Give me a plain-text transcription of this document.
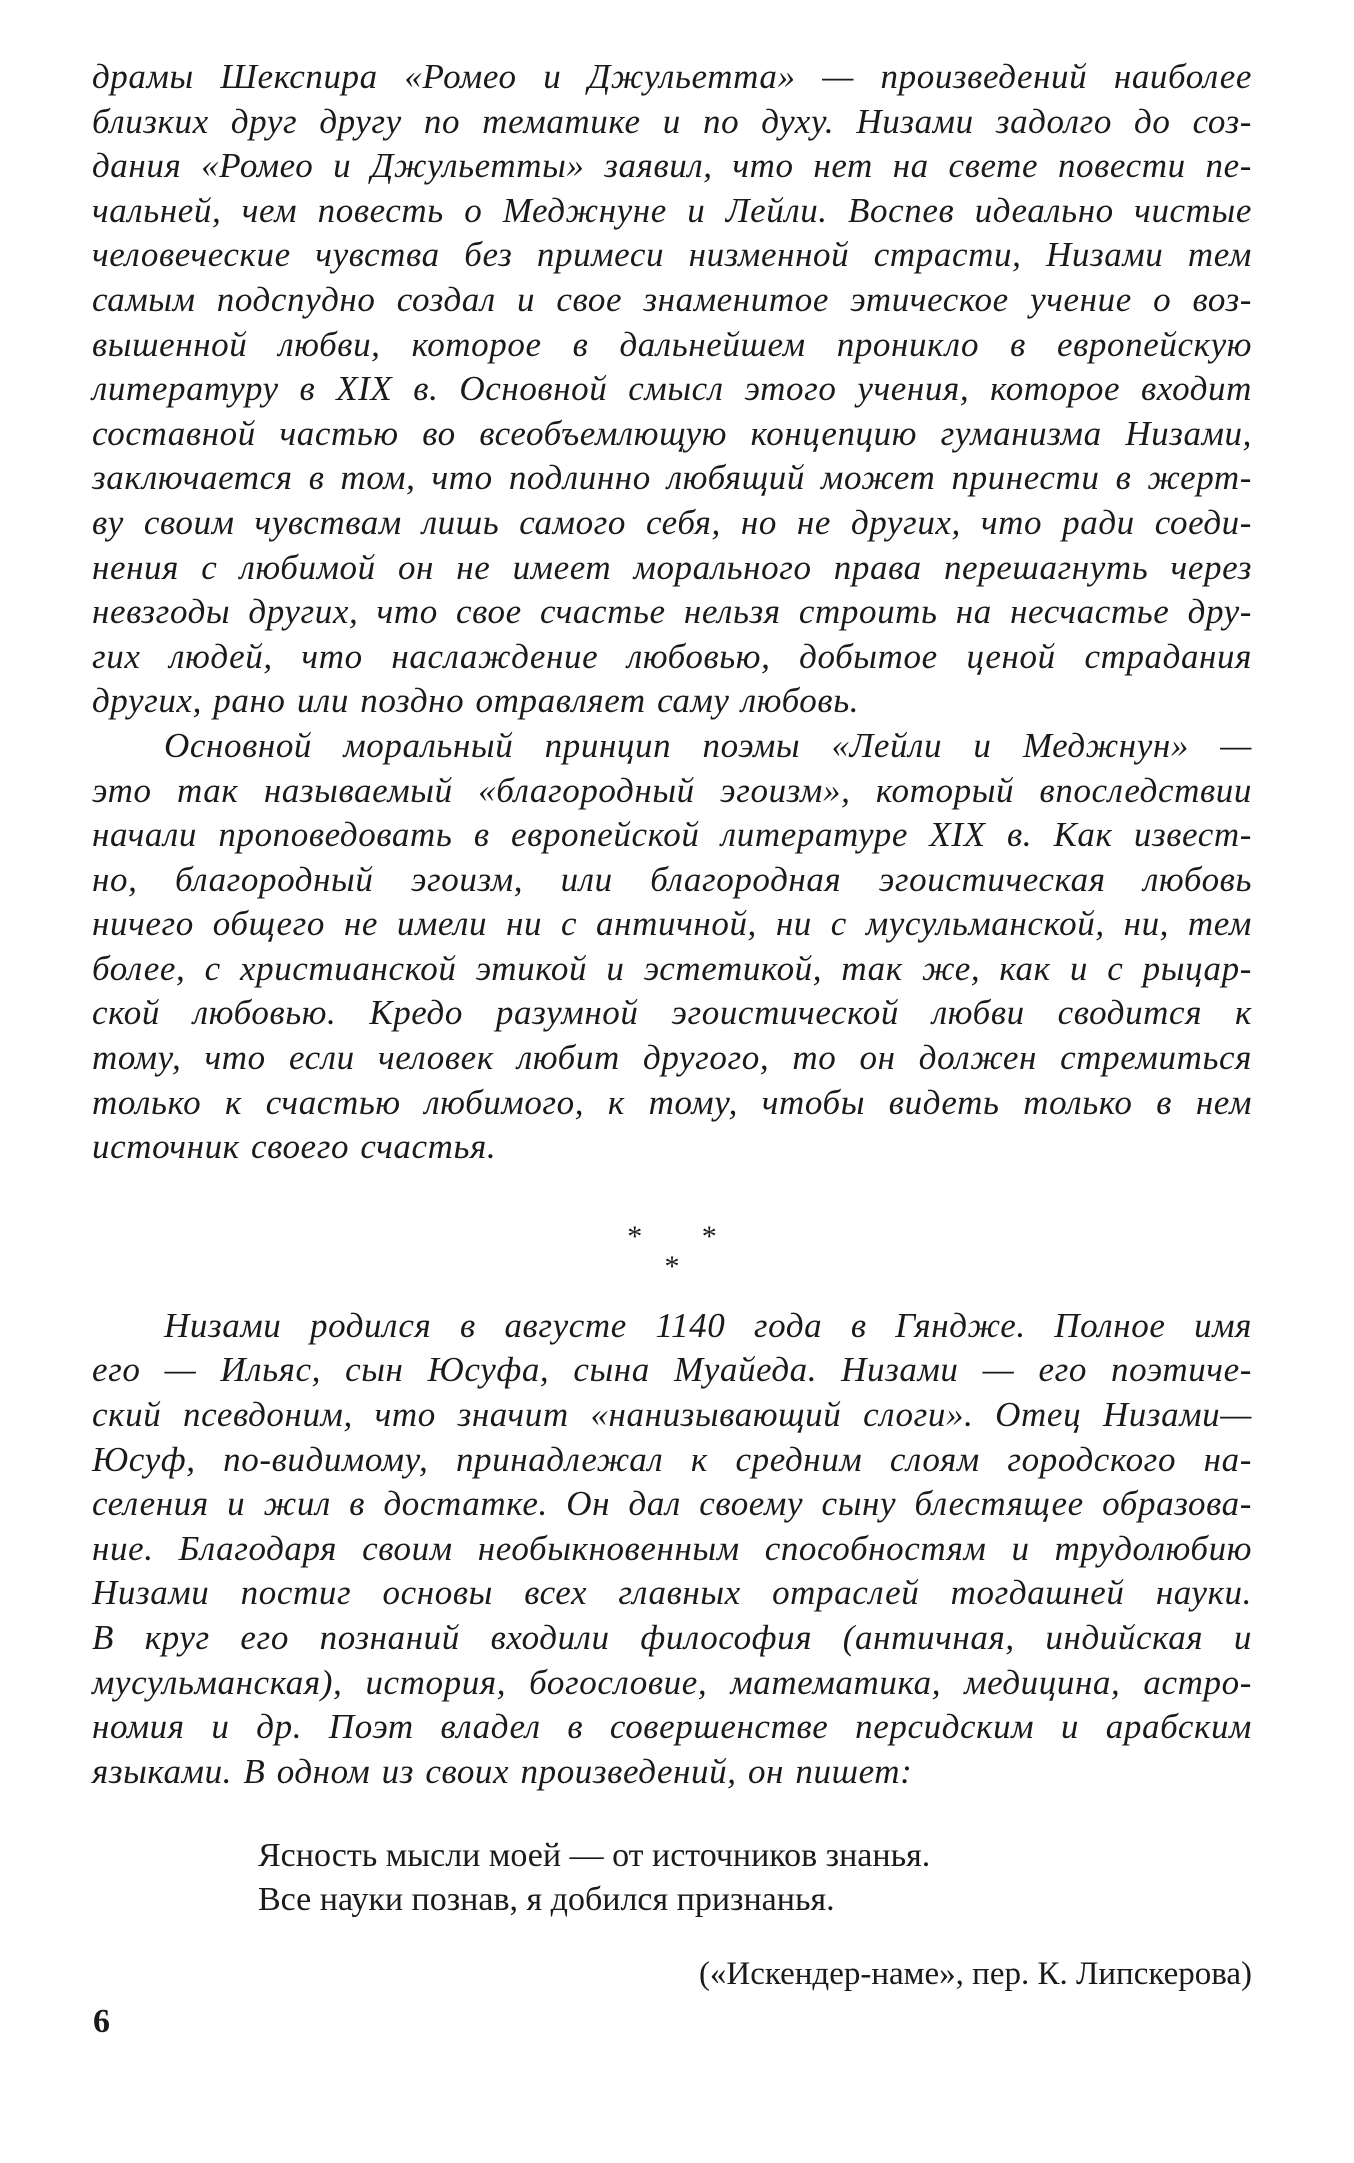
драмы Шекспира «Ромео и Джульетта» — произведений наиболее
близких друг другу по тематике и по духу. Низами задолго до соз-
дания «Ромео и Джульетты» заявил, что нет на свете повести пе-
чальней, чем повесть о Меджнуне и Лейли. Воспев идеально чистые
человеческие чувства без примеси низменной страсти, Низами тем
самым подспудно создал и свое знаменитое этическое учение о воз-
вышенной любви, которое в дальнейшем проникло в европейскую
литературу в XIX в. Основной смысл этого учения, которое входит
составной частью во всеобъемлющую концепцию гуманизма Низами,
заключается в том, что подлинно любящий может принести в жерт-
ву своим чувствам лишь самого себя, но не других, что ради соеди-
нения с любимой он не имеет морального права перешагнуть через
невзгоды других, что свое счастье нельзя строить на несчастье дру-
гих людей, что наслаждение любовью, добытое ценой страдания
других, рано или поздно отравляет саму любовь.

Основной моральный принцип поэмы «Лейли и Меджнун» —
это так называемый «благородный эгоизм», который впоследствии
начали проповедовать в европейской литературе XIX в. Как извест-
но, благородный эгоизм, или благородная эгоистическая любовь
ничего общего не имели ни с античной, ни с мусульманской, ни, тем
более, с христианской этикой и эстетикой, так же, как и с рыцар-
ской любовью. Кредо разумной эгоистической любви сводится к
тому, что если человек любит другого, то он должен стремиться
только к счастью любимого, к тому, чтобы видеть только в нем
источник своего счастья.

* *
*

Низами родился в августе 1140 года в Гяндже. Полное имя
его — Ильяс, сын Юсуфа, сына Муайеда. Низами — его поэтиче-
ский псевдоним, что значит «нанизывающий слоги». Отец Низами—
Юсуф, по-видимому, принадлежал к средним слоям городского на-
селения и жил в достатке. Он дал своему сыну блестящее образова-
ние. Благодаря своим необыкновенным способностям и трудолюбию
Низами постиг основы всех главных отраслей тогдашней науки.
В круг его познаний входили философия (античная, индийская и
мусульманская), история, богословие, математика, медицина, астро-
номия и др. Поэт владел в совершенстве персидским и арабским
языками. В одном из своих произведений, он пишет:

Ясность мысли моей — от источников знанья.
Все науки познав, я добился признанья.
(«Искендер-наме», пер. К. Липскерова)
6
